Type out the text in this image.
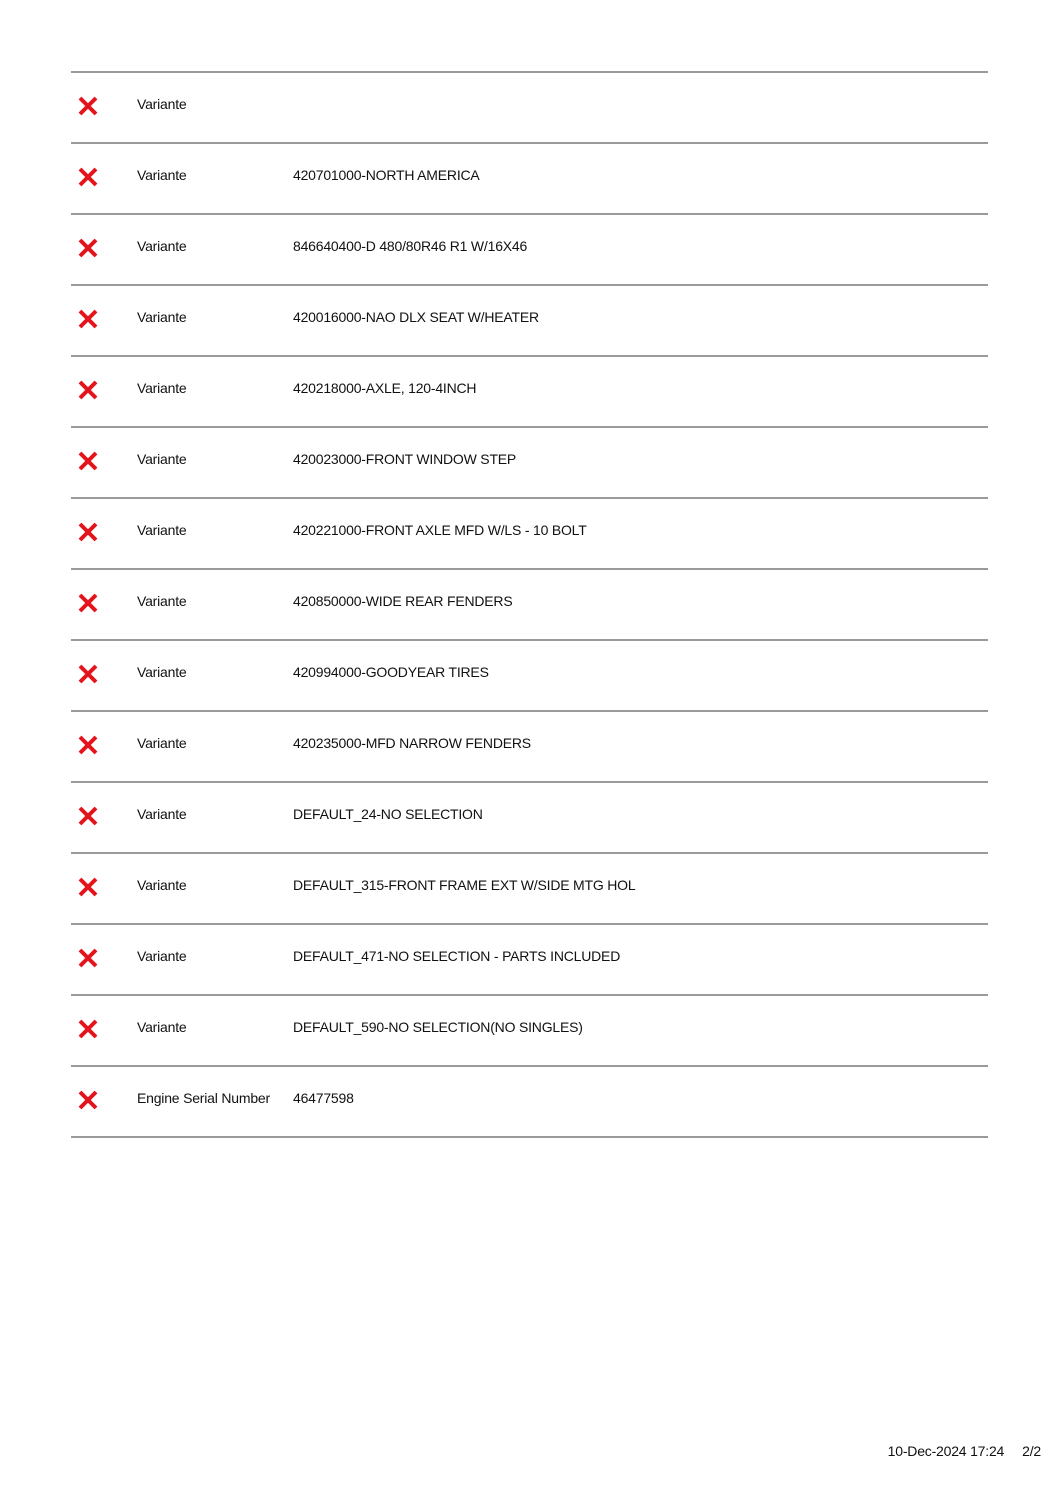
Variante
Variante	420701000-NORTH AMERICA
Variante	846640400-D 480/80R46 R1 W/16X46
Variante	420016000-NAO DLX SEAT W/HEATER
Variante	420218000-AXLE, 120-4INCH
Variante	420023000-FRONT WINDOW STEP
Variante	420221000-FRONT AXLE MFD W/LS - 10 BOLT
Variante	420850000-WIDE REAR FENDERS
Variante	420994000-GOODYEAR TIRES
Variante	420235000-MFD NARROW FENDERS
Variante	DEFAULT_24-NO SELECTION
Variante	DEFAULT_315-FRONT FRAME EXT W/SIDE MTG HOL
Variante	DEFAULT_471-NO SELECTION - PARTS INCLUDED
Variante	DEFAULT_590-NO SELECTION(NO SINGLES)
Engine Serial Number 46477598
10-Dec-2024 17:24 2/2
